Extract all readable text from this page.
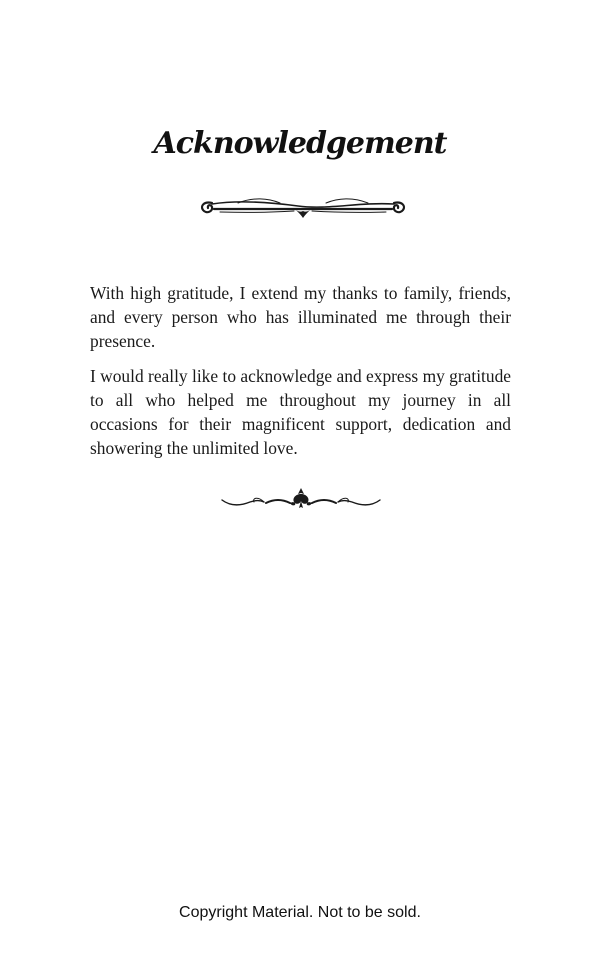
Acknowledgement

With high gratitude, I extend my thanks to family, friends, and every person who has illuminated me through their presence.

I would really like to acknowledge and express my gratitude to all who helped me throughout my journey in all occasions for their magnificent support, dedication and showering the unlimited love.

Copyright Material. Not to be sold.
